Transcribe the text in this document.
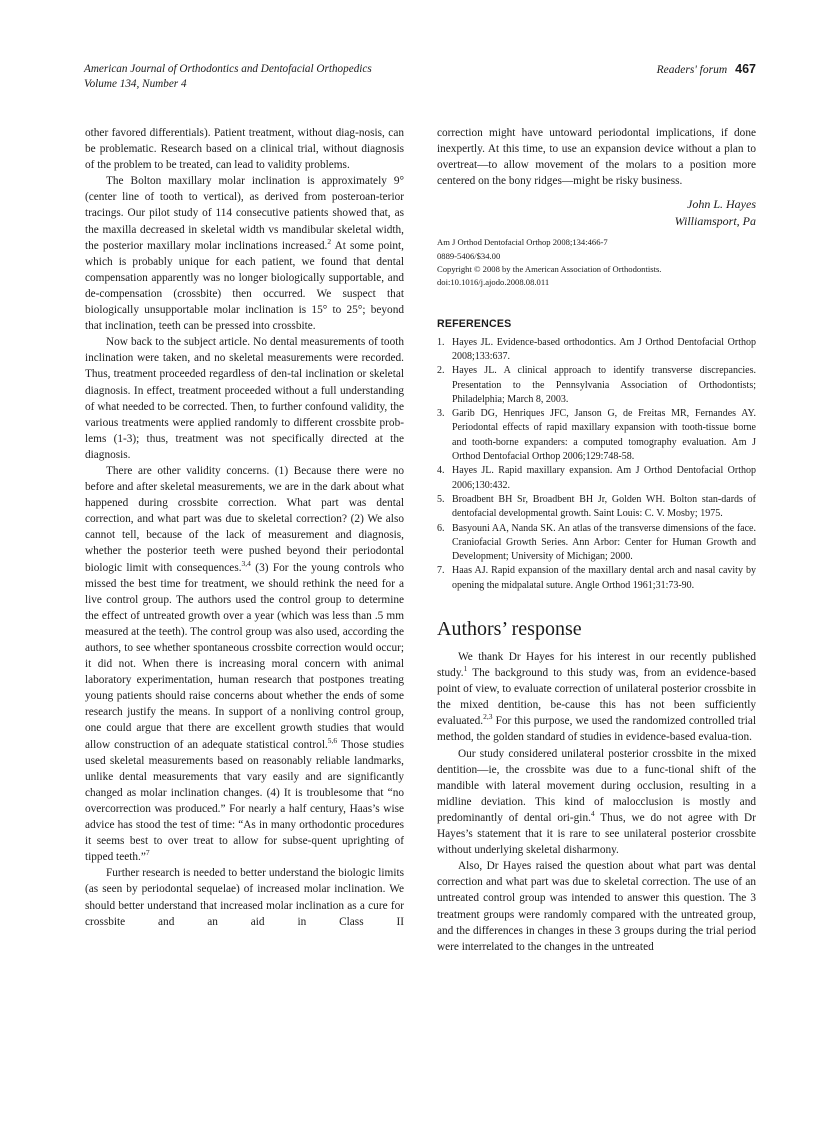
American Journal of Orthodontics and Dentofacial Orthopedics
Volume 134, Number 4
Readers' forum 467

other favored differentials). Patient treatment, without diag-nosis, can be problematic. Research based on a clinical trial, without diagnosis of the problem to be treated, can lead to validity problems.

The Bolton maxillary molar inclination is approximately 9° (center line of tooth to vertical), as derived from posteroan-terior tracings. Our pilot study of 114 consecutive patients showed that, as the maxilla decreased in skeletal width vs mandibular skeletal width, the posterior maxillary molar inclinations increased.$^2$ At some point, which is probably unique for each patient, we found that dental compensation apparently was no longer biologically supportable, and de-compensation (crossbite) then occurred. We suspect that biologically unsupportable molar inclination is 15° to 25°; beyond that inclination, teeth can be pressed into crossbite.

Now back to the subject article. No dental measurements of tooth inclination were taken, and no skeletal measurements were recorded. Thus, treatment proceeded regardless of den-tal inclination or skeletal diagnosis. In effect, treatment proceeded without a full understanding of what needed to be corrected. Then, to further confound validity, the various treatments were applied randomly to different crossbite prob-lems (1-3); thus, treatment was not specifically directed at the diagnosis.

There are other validity concerns. (1) Because there were no before and after skeletal measurements, we are in the dark about what happened during crossbite correction. What part was dental correction, and what part was due to skeletal correction? (2) We also cannot tell, because of the lack of measurement and diagnosis, whether the posterior teeth were pushed beyond their periodontal biologic limit with consequences.$^{3,4}$ (3) For the young controls who missed the best time for treatment, we should rethink the need for a live control group. The authors used the control group to determine the effect of untreated growth over a year (which was less than .5 mm measured at the teeth). The control group was also used, according the authors, to see whether spontaneous crossbite correction would occur; it did not. When there is increasing moral concern with animal laboratory experimentation, human research that postpones treating young patients should raise concerns about whether the ends of some research justify the means. In support of a nonliving control group, one could argue that there are excellent growth studies that would allow construction of an adequate statistical control.$^{5,6}$ Those studies used skeletal measurements based on reasonably reliable landmarks, unlike dental measurements that vary easily and are significantly changed as molar inclination changes. (4) It is troublesome that “no overcorrection was produced.” For nearly a half century, Haas’s wise advice has stood the test of time: “As in many orthodontic procedures it seems best to over treat to allow for subse-quent uprighting of tipped teeth.”$^7$

Further research is needed to better understand the biologic limits (as seen by periodontal sequelae) of increased molar inclination. We should better understand that increased molar inclination as a cure for crossbite and an aid in Class II

correction might have untoward periodontal implications, if done inexpertly. At this time, to use an expansion device without a plan to overtreat—to allow movement of the molars to a position more centered on the bony ridges—might be risky business.

John L. Hayes
Williamsport, Pa
Am J Orthod Dentofacial Orthop 2008;134:466-7
0889-5406/$34.00
Copyright © 2008 by the American Association of Orthodontists.
doi:10.1016/j.ajodo.2008.08.011
REFERENCES
1. Hayes JL. Evidence-based orthodontics. Am J Orthod Dentofacial Orthop 2008;133:637.
2. Hayes JL. A clinical approach to identify transverse discrepancies. Presentation to the Pennsylvania Association of Orthodontists; Philadelphia; March 8, 2003.
3. Garib DG, Henriques JFC, Janson G, de Freitas MR, Fernandes AY. Periodontal effects of rapid maxillary expansion with tooth-tissue borne and tooth-borne expanders: a computed tomography evaluation. Am J Orthod Dentofacial Orthop 2006;129:748-58.
4. Hayes JL. Rapid maxillary expansion. Am J Orthod Dentofacial Orthop 2006;130:432.
5. Broadbent BH Sr, Broadbent BH Jr, Golden WH. Bolton stan-dards of dentofacial developmental growth. Saint Louis: C. V. Mosby; 1975.
6. Basyouni AA, Nanda SK. An atlas of the transverse dimensions of the face. Craniofacial Growth Series. Ann Arbor: Center for Human Growth and Development; University of Michigan; 2000.
7. Haas AJ. Rapid expansion of the maxillary dental arch and nasal cavity by opening the midpalatal suture. Angle Orthod 1961;31:73-90.
Authors’ response

We thank Dr Hayes for his interest in our recently published study.$^1$ The background to this study was, from an evidence-based point of view, to evaluate correction of unilateral posterior crossbite in the mixed dentition, be-cause this has not been sufficiently evaluated.$^{2,3}$ For this purpose, we used the randomized controlled trial method, the golden standard of studies in evidence-based evalua-tion.

Our study considered unilateral posterior crossbite in the mixed dentition—ie, the crossbite was due to a func-tional shift of the mandible with lateral movement during occlusion, resulting in a midline deviation. This kind of malocclusion is mostly and predominantly of dental ori-gin.$^4$ Thus, we do not agree with Dr Hayes’s statement that it is rare to see unilateral posterior crossbite without underlying skeletal disharmony.

Also, Dr Hayes raised the question about what part was dental correction and what part was due to skeletal correction. The use of an untreated control group was intended to answer this question. The 3 treatment groups were randomly compared with the untreated group, and the differences in changes in these 3 groups during the trial period were interrelated to the changes in the untreated
